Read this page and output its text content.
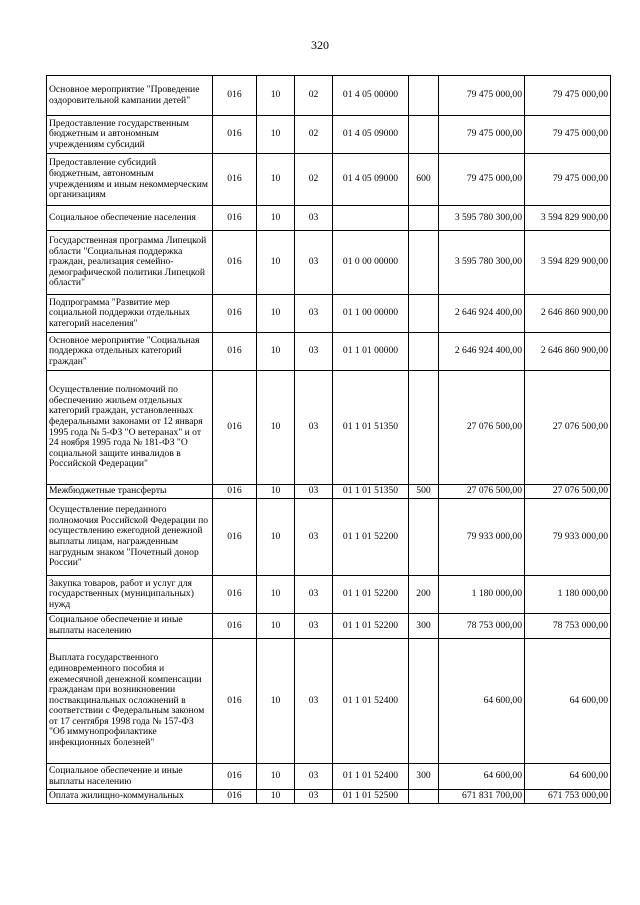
320
Основное мероприятие "Проведение оздоровительной кампании детей"	016	10	02	01 4 05 00000		79 475 000,00	79 475 000,00
Предоставление государственным бюджетным и автономным учреждениям субсидий	016	10	02	01 4 05 09000		79 475 000,00	79 475 000,00
Предоставление субсидий бюджетным, автономным учреждениям и иным некоммерческим организациям	016	10	02	01 4 05 09000	600	79 475 000,00	79 475 000,00
Социальное обеспечение населения	016	10	03			3 595 780 300,00	3 594 829 900,00
Государственная программа Липецкой области "Социальная поддержка граждан, реализация семейно-демографической политики Липецкой области"	016	10	03	01 0 00 00000		3 595 780 300,00	3 594 829 900,00
Подпрограмма "Развитие мер социальной поддержки отдельных категорий населения"	016	10	03	01 1 00 00000		2 646 924 400,00	2 646 860 900,00
Основное мероприятие "Социальная поддержка отдельных категорий граждан"	016	10	03	01 1 01 00000		2 646 924 400,00	2 646 860 900,00
Осуществление полномочий по обеспечению жильем отдельных категорий граждан, установленных федеральными законами от 12 января 1995 года № 5-ФЗ "О ветеранах" и от 24 ноября 1995 года № 181-ФЗ "О социальной защите инвалидов в Российской Федерации"	016	10	03	01 1 01 51350		27 076 500,00	27 076 500,00
Межбюджетные трансферты	016	10	03	01 1 01 51350	500	27 076 500,00	27 076 500,00
Осуществление переданного полномочия Российской Федерации по осуществлению ежегодной денежной выплаты лицам, награжденным нагрудным знаком "Почетный донор России"	016	10	03	01 1 01 52200		79 933 000,00	79 933 000,00
Закупка товаров, работ и услуг для государственных (муниципальных) нужд	016	10	03	01 1 01 52200	200	1 180 000,00	1 180 000,00
Социальное обеспечение и иные выплаты населению	016	10	03	01 1 01 52200	300	78 753 000,00	78 753 000,00
Выплата государственного единовременного пособия и ежемесячной денежной компенсации гражданам при возникновении поствакцинальных осложнений в соответствии с Федеральным законом от 17 сентября 1998 года № 157-ФЗ "Об иммунопрофилактике инфекционных болезней"	016	10	03	01 1 01 52400		64 600,00	64 600,00
Социальное обеспечение и иные выплаты населению	016	10	03	01 1 01 52400	300	64 600,00	64 600,00
Оплата жилищно-коммунальных	016	10	03	01 1 01 52500		671 831 700,00	671 753 000,00
